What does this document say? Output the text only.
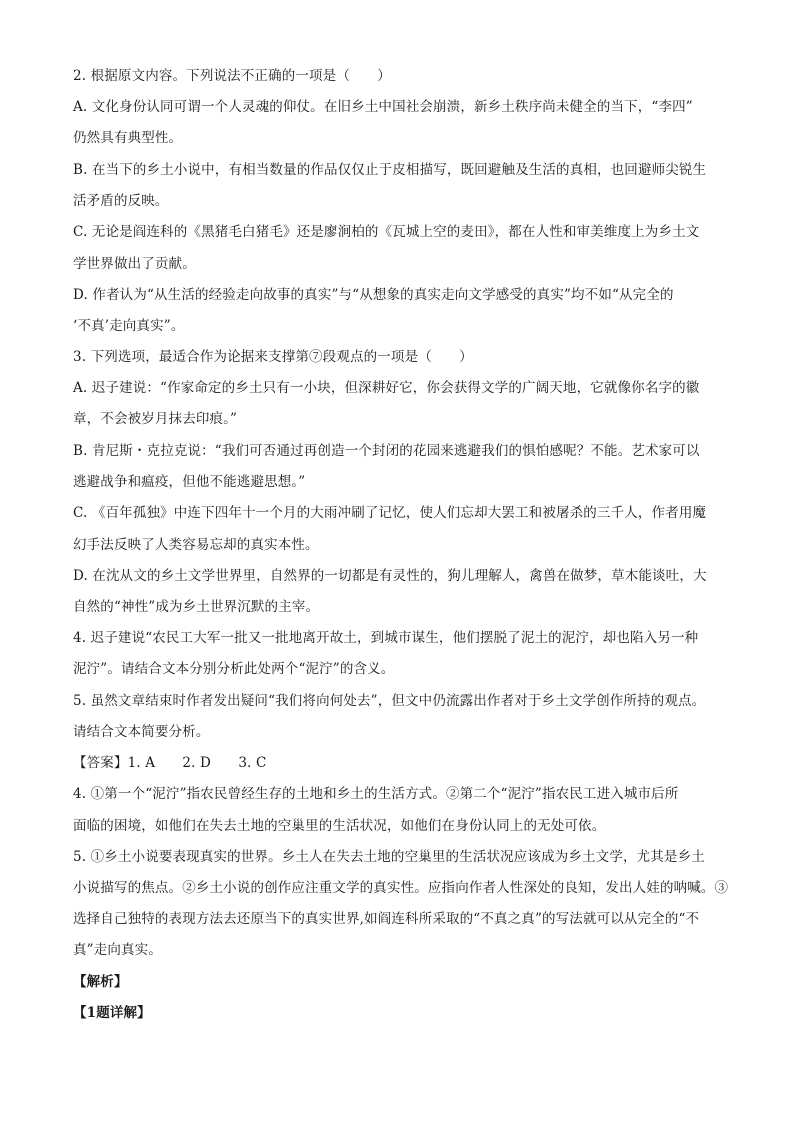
2. 根据原文内容。下列说法不正确的一项是（　　）
A. 文化身份认同可谓一个人灵魂的仰仗。在旧乡土中国社会崩溃，新乡土秩序尚未健全的当下，“李四”
仍然具有典型性。
B. 在当下的乡土小说中，有相当数量的作品仅仅止于皮相描写，既回避触及生活的真相，也回避师尖锐生
活矛盾的反映。
C. 无论是阎连科的《黑猪毛白猪毛》还是廖涧柏的《瓦城上空的麦田》，都在人性和审美维度上为乡土文
学世界做出了贡献。
D. 作者认为“从生活的经验走向故事的真实”与“从想象的真实走向文学感受的真实”均不如“从完全的
‘不真’走向真实”。
3. 下列选项，最适合作为论据来支撑第⑦段观点的一项是（　　）
A. 迟子建说：“作家命定的乡土只有一小块，但深耕好它，你会获得文学的广阔天地，它就像你名字的徽
章，不会被岁月抹去印痕。”
B. 肯尼斯・克拉克说：“我们可否通过再创造一个封闭的花园来逃避我们的惧怕感呢？不能。艺术家可以
逃避战争和瘟疫，但他不能逃避思想。”
C. 《百年孤独》中连下四年十一个月的大雨冲刷了记忆，使人们忘却大罢工和被屠杀的三千人，作者用魔
幻手法反映了人类容易忘却的真实本性。
D. 在沈从文的乡土文学世界里，自然界的一切都是有灵性的，狗儿理解人，禽兽在做梦，草木能谈吐，大
自然的“神性”成为乡土世界沉默的主宰。
4. 迟子建说“农民工大军一批又一批地离开故土，到城市谋生，他们摆脱了泥土的泥泞，却也陷入另一种
泥泞”。请结合文本分别分析此处两个“泥泞”的含义。
5. 虽然文章结束时作者发出疑问“我们将向何处去”，但文中仍流露出作者对于乡土文学创作所持的观点。
请结合文本简要分析。
【答案】1. A　　2. D　　3. C
4. ①第一个“泥泞”指农民曾经生存的土地和乡土的生活方式。②第二个“泥泞”指农民工进入城市后所
面临的困境，如他们在失去土地的空巢里的生活状况，如他们在身份认同上的无处可依。
5. ①乡土小说要表现真实的世界。乡土人在失去土地的空巢里的生活状况应该成为乡土文学，尤其是乡土
小说描写的焦点。②乡土小说的创作应注重文学的真实性。应指向作者人性深处的良知，发出人娃的呐喊。③
选择自己独特的表现方法去还原当下的真实世界,如阎连科所采取的“不真之真”的写法就可以从完全的“不
真”走向真实。
【解析】
【1题详解】
